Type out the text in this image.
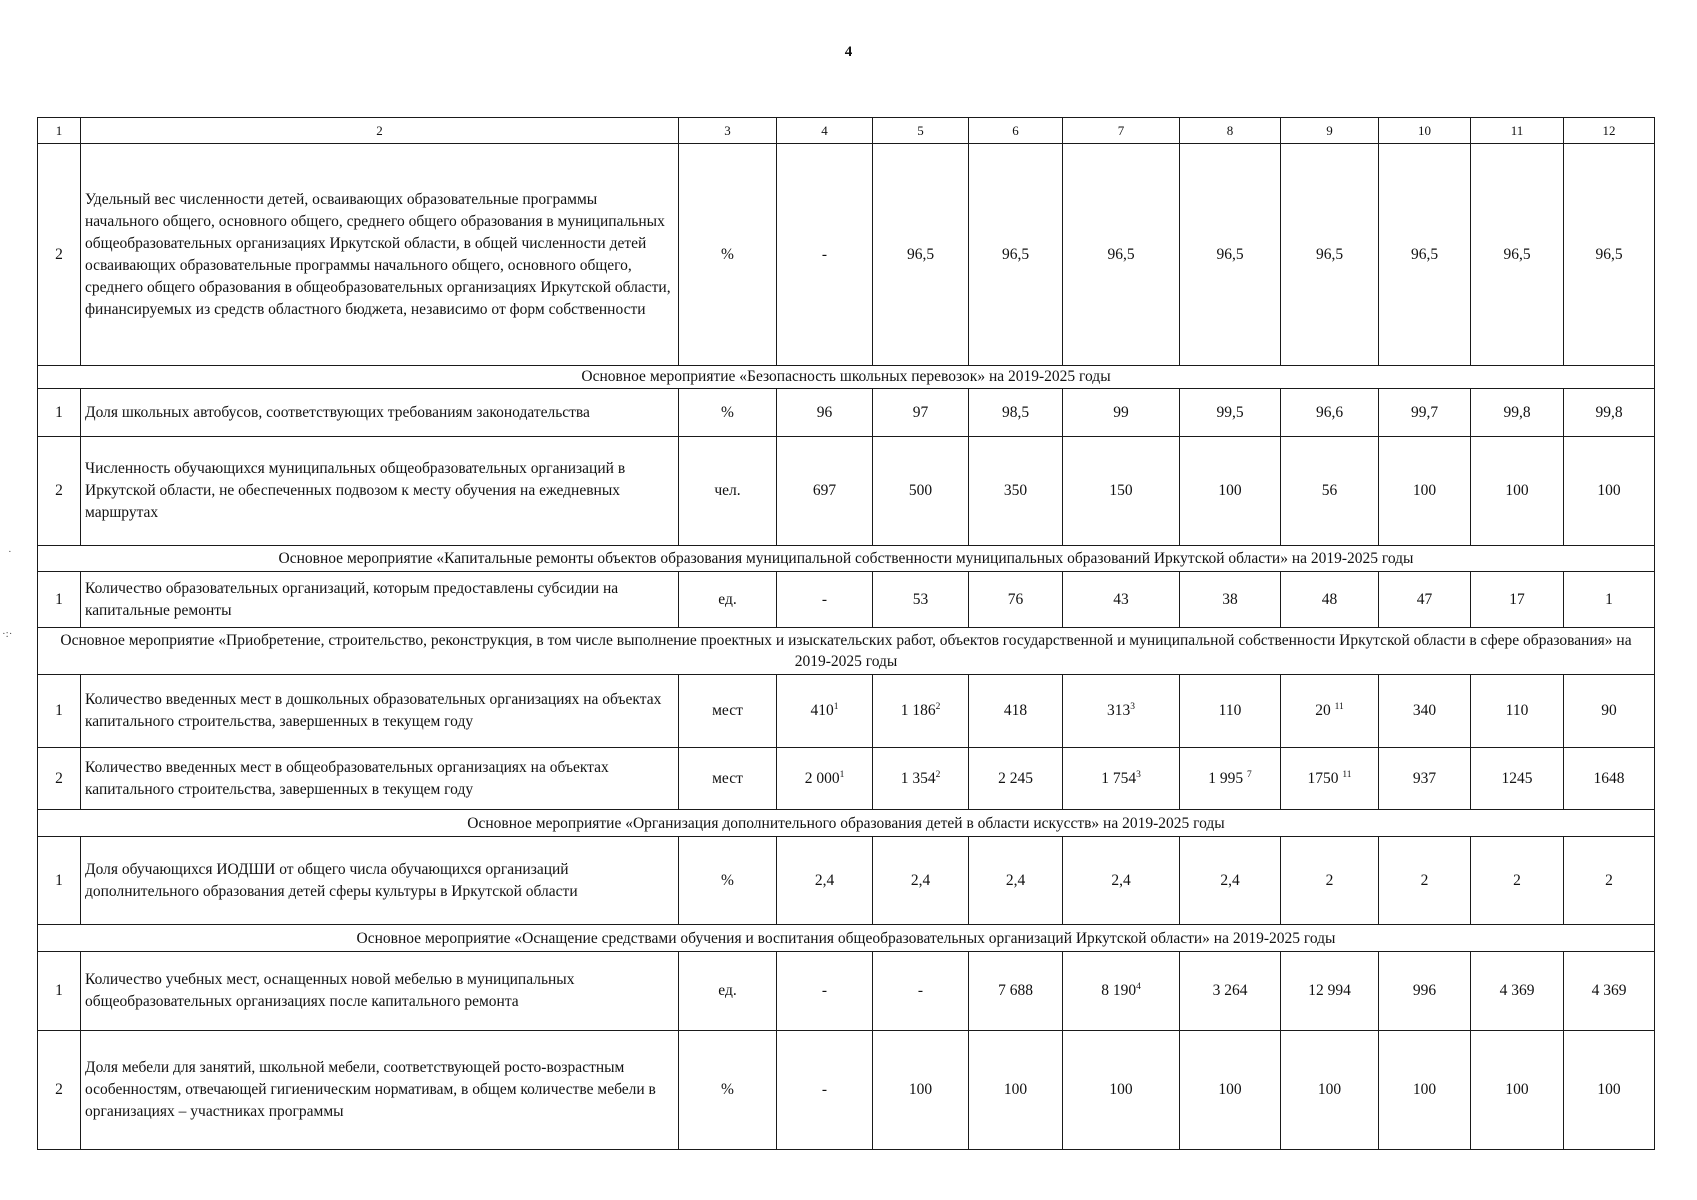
4
1	2	3	4	5	6	7	8	9	10	11	12
2	Удельный вес численности детей, осваивающих образовательные программы начального общего, основного общего, среднего общего образования в муниципальных общеобразовательных организациях Иркутской области, в общей численности детей осваивающих образовательные программы начального общего, основного общего, среднего общего образования в общеобразовательных организациях Иркутской области, финансируемых из средств областного бюджета, независимо от форм собственности	%	-	96,5	96,5	96,5	96,5	96,5	96,5	96,5	96,5
Основное мероприятие «Безопасность школьных перевозок» на 2019-2025 годы											
1	Доля школьных автобусов, соответствующих требованиям законодательства	%	96	97	98,5	99	99,5	96,6	99,7	99,8	99,8
2	Численность обучающихся муниципальных общеобразовательных организаций в Иркутской области, не обеспеченных подвозом к месту обучения на ежедневных маршрутах	чел.	697	500	350	150	100	56	100	100	100
Основное мероприятие «Капитальные ремонты объектов образования муниципальной собственности муниципальных образований Иркутской области» на 2019-2025 годы											
1	Количество образовательных организаций, которым предоставлены субсидии на капитальные ремонты	ед.	-	53	76	43	38	48	47	17	1
Основное мероприятие «Приобретение, строительство, реконструкция, в том числе выполнение проектных и изыскательских работ, объектов государственной и муниципальной собственности Иркутской области в сфере образования» на 2019-2025 годы											
1	Количество введенных мест в дошкольных образовательных организациях на объектах капитального строительства, завершенных в текущем году	мест	$410^1$	1 $186^2$	418	$313^3$	110	20 $^{11}$	340	110	90
2	Количество введенных мест в общеобразовательных организациях на объектах капитального строительства, завершенных в текущем году	мест	2 $000^1$	1 $354^2$	2 245	1 $754^3$	1 995 $^7$	1750 $^{11}$	937	1245	1648
Основное мероприятие «Организация дополнительного образования детей в области искусств» на 2019-2025 годы											
1	Доля обучающихся ИОДШИ от общего числа обучающихся организаций дополнительного образования детей сферы культуры в Иркутской области	%	2,4	2,4	2,4	2,4	2,4	2	2	2	2
Основное мероприятие «Оснащение средствами обучения и воспитания общеобразовательных организаций Иркутской области» на 2019-2025 годы											
1	Количество учебных мест, оснащенных новой мебелью в муниципальных общеобразовательных организациях после капитального ремонта	ед.	-	-	7 688	8 $190^4$	3 264	12 994	996	4 369	4 369
2	Доля мебели для занятий, школьной мебели, соответствующей росто-возрастным особенностям, отвечающей гигиеническим нормативам, в общем количестве мебели в организациях – участниках программы	%	-	100	100	100	100	100	100	100	100
·:·
·
